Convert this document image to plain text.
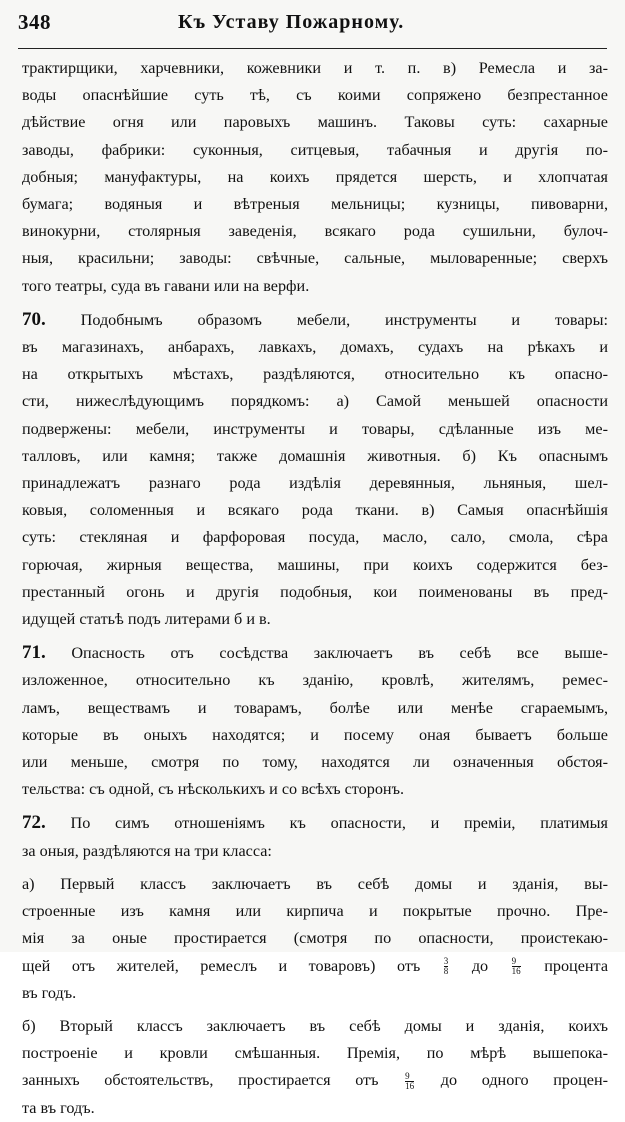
348	Къ Уставу Пожарному.

трактирщики, харчевники, кожевники и т. п. в) Ремесла и за-
воды опаснѣйшие суть тѣ, съ коими сопряжено безпрестанное
дѣйствие огня или паровыхъ машинъ. Таковы суть: сахарные
заводы, фабрики: суконныя, ситцевыя, табачныя и другія по-
добныя; мануфактуры, на коихъ прядется шерсть, и хлопчатая
бумага; водяныя и вѣтреныя мельницы; кузницы, пивоварни,
винокурни, столярныя заведенія, всякаго рода сушильни, булоч-
ныя, красильни; заводы: свѣчные, сальные, мыловаренные; сверхъ
того театры, суда въ гавани или на верфи.

70. Подобнымъ образомъ мебели, инструменты и товары:
въ магазинахъ, анбарахъ, лавкахъ, домахъ, судахъ на рѣкахъ и
на открытыхъ мѣстахъ, раздѣляются, относительно къ опасно-
сти, нижеслѣдующимъ порядкомъ: а) Самой меньшей опасности
подвержены: мебели, инструменты и товары, сдѣланные изъ ме-
талловъ, или камня; также домашнія животныя. б) Къ опаснымъ
принадлежатъ разнаго рода издѣлія деревянныя, льняныя, шел-
ковыя, соломенныя и всякаго рода ткани. в) Самыя опаснѣйшія
суть: стекляная и фарфоровая посуда, масло, сало, смола, сѣра
горючая, жирныя вещества, машины, при коихъ содержится без-
престанный огонь и другія подобныя, кои поименованы въ пред-
идущей статьѣ подъ литерами б и в.

71. Опасность отъ сосѣдства заключаетъ въ себѣ все выше-
изложенное, относительно къ зданію, кровлѣ, жителямъ, ремес-
ламъ, веществамъ и товарамъ, болѣе или менѣе сгараемымъ,
которые въ оныхъ находятся; и посему оная бываетъ больше
или меньше, смотря по тому, находятся ли означенныя обстоя-
тельства: съ одной, съ нѣсколькихъ и со всѣхъ сторонъ.

72. По симъ отношеніямъ къ опасности, и преміи, платимыя
за оныя, раздѣляются на три класса:

а) Первый классъ заключаетъ въ себѣ домы и зданія, вы-
строенные изъ камня или кирпича и покрытые прочно. Пре-
мія за оные простирается (смотря по опасности, проистекаю-
щей отъ жителей, ремеслъ и товаровъ) отъ	$\frac{3}{8}$ до	$\frac{9}{16}$ процента
въ годъ.

б) Вторый классъ заключаетъ въ себѣ домы и зданія, коихъ
построеніе и кровли смѣшанныя. Премія, по мѣрѣ вышепока-
занныхъ обстоятельствъ, простирается отъ	$\frac{9}{16}$ до одного процен-
та въ годъ.
